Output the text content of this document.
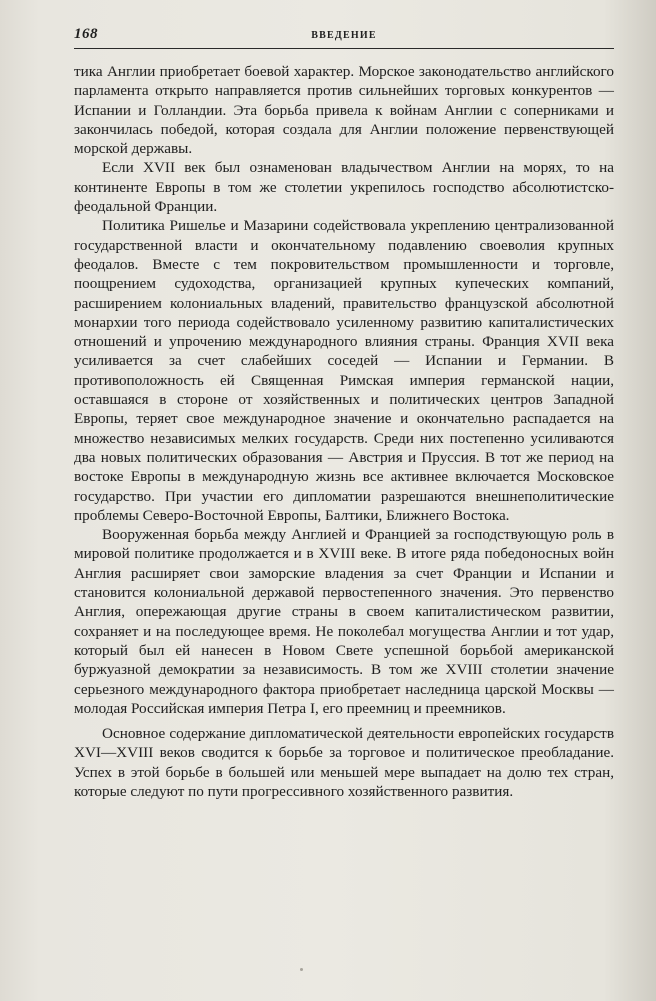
168	ВВЕДЕНИЕ

тика Англии приобретает боевой характер. Морское законодательство английского парламента открыто направляется против сильнейших торговых конкурентов — Испании и Голландии. Эта борьба привела к войнам Англии с соперниками и закончилась победой, которая создала для Англии положение первенствующей морской державы.

Если XVII век был ознаменован владычеством Англии на морях, то на континенте Европы в том же столетии укрепилось господство абсолютистско-феодальной Франции.

Политика Ришелье и Мазарини содействовала укреплению централизованной государственной власти и окончательному подавлению своеволия крупных феодалов. Вместе с тем покровительством промышленности и торговле, поощрением судоходства, организацией крупных купеческих компаний, расширением колониальных владений, правительство французской абсолютной монархии того периода содействовало усиленному развитию капиталистических отношений и упрочению международного влияния страны. Франция XVII века усиливается за счет слабейших соседей — Испании и Германии. В противоположность ей Священная Римская империя германской нации, оставшаяся в стороне от хозяйственных и политических центров Западной Европы, теряет свое международное значение и окончательно распадается на множество независимых мелких государств. Среди них постепенно усиливаются два новых политических образования — Австрия и Пруссия. В тот же период на востоке Европы в международную жизнь все активнее включается Московское государство. При участии его дипломатии разрешаются внешнеполитические проблемы Северо-Восточной Европы, Балтики, Ближнего Востока.

Вооруженная борьба между Англией и Францией за господствующую роль в мировой политике продолжается и в XVIII веке. В итоге ряда победоносных войн Англия расширяет свои заморские владения за счет Франции и Испании и становится колониальной державой первостепенного значения. Это первенство Англия, опережающая другие страны в своем капиталистическом развитии, сохраняет и на последующее время. Не поколебал могущества Англии и тот удар, который был ей нанесен в Новом Свете успешной борьбой американской буржуазной демократии за независимость. В том же XVIII столетии значение серьезного международного фактора приобретает наследница царской Москвы — молодая Российская империя Петра I, его преемниц и преемников.

Основное содержание дипломатической деятельности европейских государств XVI—XVIII веков сводится к борьбе за торговое и политическое преобладание. Успех в этой борьбе в большей или меньшей мере выпадает на долю тех стран, которые следуют по пути прогрессивного хозяйственного развития.
